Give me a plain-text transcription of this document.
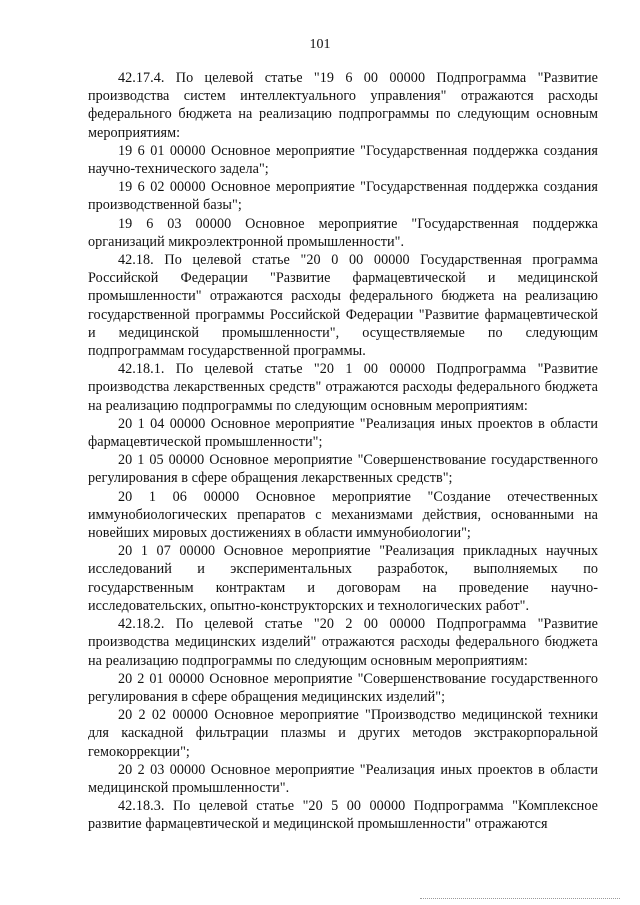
101

42.17.4. По целевой статье "19 6 00 00000 Подпрограмма "Развитие производства систем интеллектуального управления" отражаются расходы федерального бюджета на реализацию подпрограммы по следующим основным мероприятиям:

19 6 01 00000 Основное мероприятие "Государственная поддержка создания научно-технического задела";

19 6 02 00000 Основное мероприятие "Государственная поддержка создания производственной базы";

19 6 03 00000 Основное мероприятие "Государственная поддержка организаций микроэлектронной промышленности".

42.18. По целевой статье "20 0 00 00000 Государственная программа Российской Федерации "Развитие фармацевтической и медицинской промышленности" отражаются расходы федерального бюджета на реализацию государственной программы Российской Федерации "Развитие фармацевтической и медицинской промышленности", осуществляемые по следующим подпрограммам государственной программы.

42.18.1. По целевой статье "20 1 00 00000 Подпрограмма "Развитие производства лекарственных средств" отражаются расходы федерального бюджета на реализацию подпрограммы по следующим основным мероприятиям:

20 1 04 00000 Основное мероприятие "Реализация иных проектов в области фармацевтической промышленности";

20 1 05 00000 Основное мероприятие "Совершенствование государственного регулирования в сфере обращения лекарственных средств";

20 1 06 00000 Основное мероприятие "Создание отечественных иммунобиологических препаратов с механизмами действия, основанными на новейших мировых достижениях в области иммунобиологии";

20 1 07 00000 Основное мероприятие "Реализация прикладных научных исследований и экспериментальных разработок, выполняемых по государственным контрактам и договорам на проведение научно-исследовательских, опытно-конструкторских и технологических работ".

42.18.2. По целевой статье "20 2 00 00000 Подпрограмма "Развитие производства медицинских изделий" отражаются расходы федерального бюджета на реализацию подпрограммы по следующим основным мероприятиям:

20 2 01 00000 Основное мероприятие "Совершенствование государственного регулирования в сфере обращения медицинских изделий";

20 2 02 00000 Основное мероприятие "Производство медицинской техники для каскадной фильтрации плазмы и других методов экстракорпоральной гемокоррекции";

20 2 03 00000 Основное мероприятие "Реализация иных проектов в области медицинской промышленности".

42.18.3. По целевой статье "20 5 00 00000 Подпрограмма "Комплексное развитие фармацевтической и медицинской промышленности" отражаются
